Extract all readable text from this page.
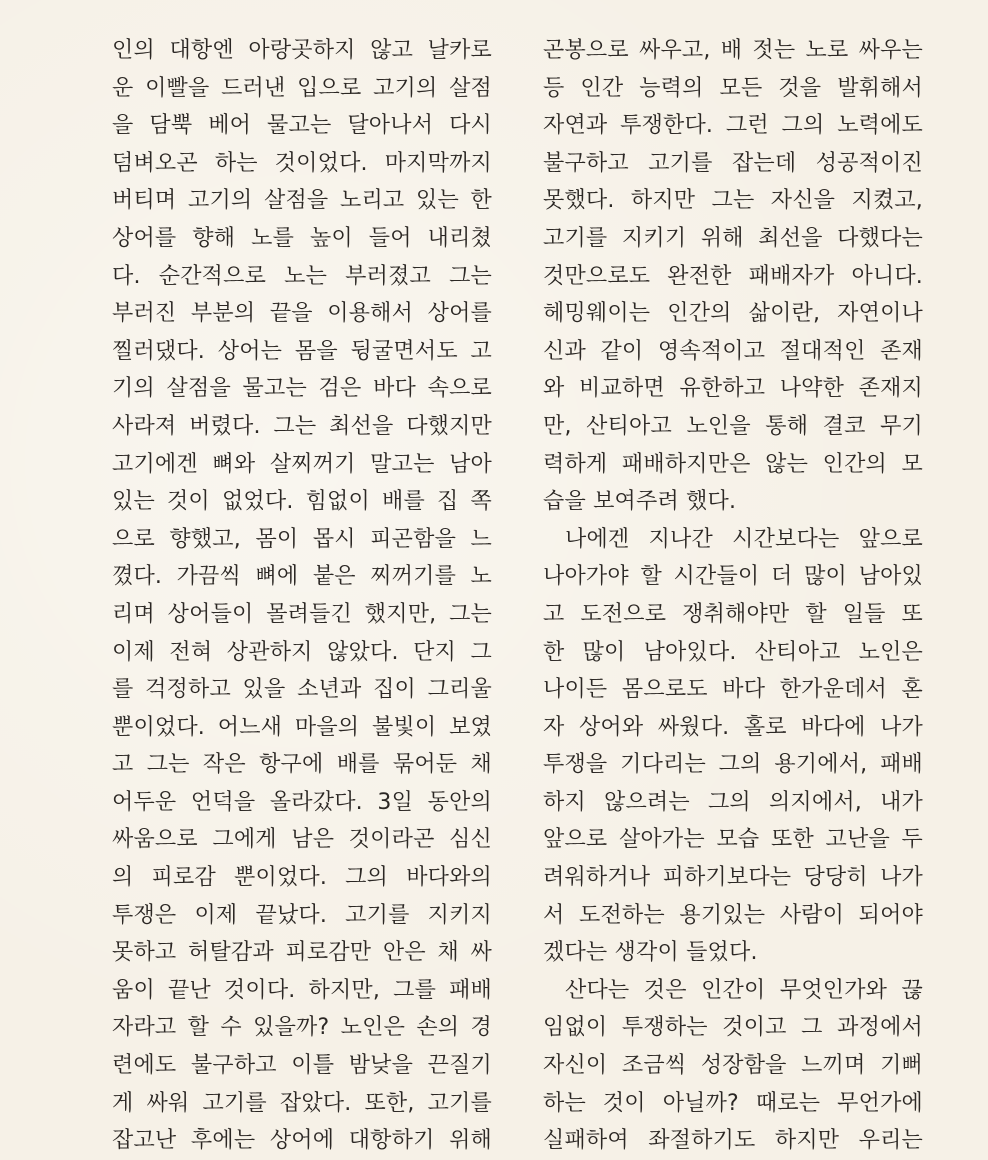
인의 대항엔 아랑곳하지 않고 날카로
운 이빨을 드러낸 입으로 고기의 살점
을 담뿍 베어 물고는 달아나서 다시
덤벼오곤 하는 것이었다. 마지막까지
버티며 고기의 살점을 노리고 있는 한
상어를 향해 노를 높이 들어 내리쳤
다. 순간적으로 노는 부러졌고 그는
부러진 부분의 끝을 이용해서 상어를
찔러댔다. 상어는 몸을 뒹굴면서도 고
기의 살점을 물고는 검은 바다 속으로
사라져 버렸다. 그는 최선을 다했지만
고기에겐 뼈와 살찌꺼기 말고는 남아
있는 것이 없었다. 힘없이 배를 집 쪽
으로 향했고, 몸이 몹시 피곤함을 느
꼈다. 가끔씩 뼈에 붙은 찌꺼기를 노
리며 상어들이 몰려들긴 했지만, 그는
이제 전혀 상관하지 않았다. 단지 그
를 걱정하고 있을 소년과 집이 그리울
뿐이었다. 어느새 마을의 불빛이 보였
고 그는 작은 항구에 배를 묶어둔 채
어두운 언덕을 올라갔다. 3일 동안의
싸움으로 그에게 남은 것이라곤 심신
의 피로감 뿐이었다. 그의 바다와의
투쟁은 이제 끝났다. 고기를 지키지
못하고 허탈감과 피로감만 안은 채 싸
움이 끝난 것이다. 하지만, 그를 패배
자라고 할 수 있을까? 노인은 손의 경
련에도 불구하고 이틀 밤낮을 끈질기
게 싸워 고기를 잡았다. 또한, 고기를
잡고난 후에는 상어에 대항하기 위해
곤봉으로 싸우고, 배 젓는 노로 싸우는
등 인간 능력의 모든 것을 발휘해서
자연과 투쟁한다. 그런 그의 노력에도
불구하고 고기를 잡는데 성공적이진
못했다. 하지만 그는 자신을 지켰고,
고기를 지키기 위해 최선을 다했다는
것만으로도 완전한 패배자가 아니다.
헤밍웨이는 인간의 삶이란, 자연이나
신과 같이 영속적이고 절대적인 존재
와 비교하면 유한하고 나약한 존재지
만, 산티아고 노인을 통해 결코 무기
력하게 패배하지만은 않는 인간의 모
습을 보여주려 했다.
나에겐 지나간 시간보다는 앞으로
나아가야 할 시간들이 더 많이 남아있
고 도전으로 쟁취해야만 할 일들 또
한 많이 남아있다. 산티아고 노인은
나이든 몸으로도 바다 한가운데서 혼
자 상어와 싸웠다. 홀로 바다에 나가
투쟁을 기다리는 그의 용기에서, 패배
하지 않으려는 그의 의지에서, 내가
앞으로 살아가는 모습 또한 고난을 두
려워하거나 피하기보다는 당당히 나가
서 도전하는 용기있는 사람이 되어야
겠다는 생각이 들었다.
산다는 것은 인간이 무엇인가와 끊
임없이 투쟁하는 것이고 그 과정에서
자신이 조금씩 성장함을 느끼며 기뻐
하는 것이 아닐까? 때로는 무언가에
실패하여 좌절하기도 하지만 우리는
